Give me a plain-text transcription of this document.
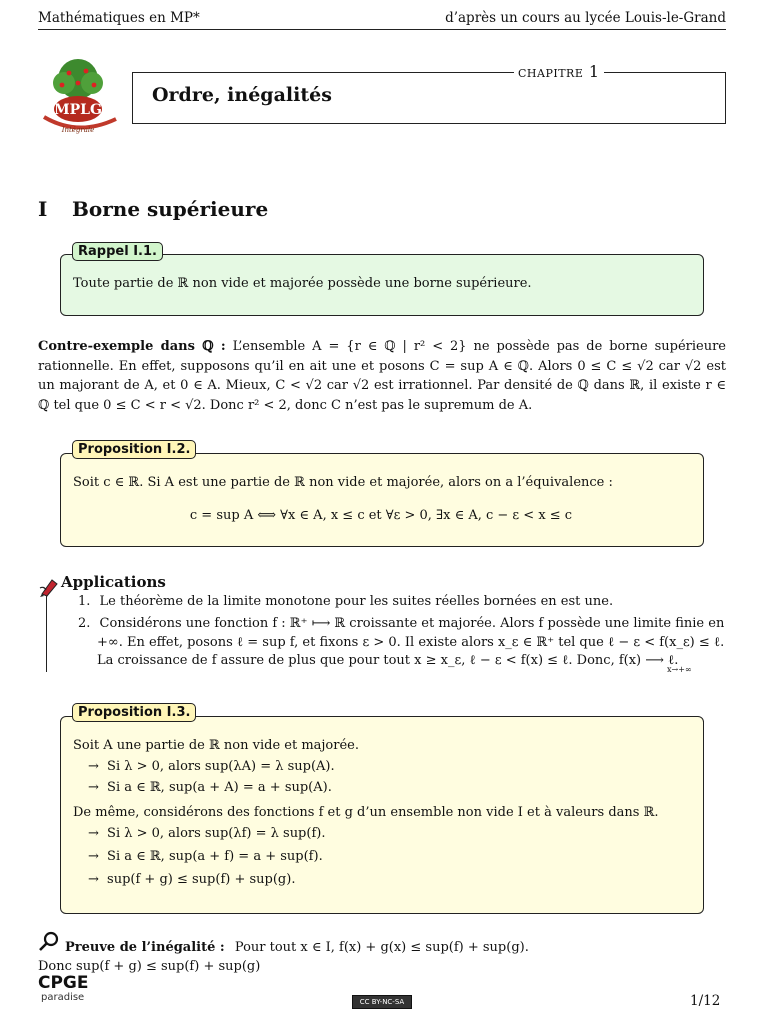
Mathématiques en MP*	d’après un cours au lycée Louis-le-Grand
MPLG
Intégrale
chapitre 1
Ordre, inégalités
I Borne supérieure
Rappel I.1.
Toute partie de ℝ non vide et majorée possède une borne supérieure.
Contre-exemple dans ℚ : L’ensemble A = {r ∈ ℚ | r² < 2} ne possède pas de borne supérieure rationnelle. En effet, supposons qu’il en ait une et posons C = sup A ∈ ℚ. Alors 0 ≤ C ≤ √2 car √2 est un majorant de A, et 0 ∈ A. Mieux, C < √2 car √2 est irrationnel. Par densité de ℚ dans ℝ, il existe r ∈ ℚ tel que 0 ≤ C < r < √2. Donc r² < 2, donc C n’est pas le supremum de A.
Proposition I.2.
Soit c ∈ ℝ. Si A est une partie de ℝ non vide et majorée, alors on a l’équivalence :
c = sup A ⟺ ∀x ∈ A, x ≤ c et ∀ε > 0, ∃x ∈ A, c − ε < x ≤ c
Applications
1. Le théorème de la limite monotone pour les suites réelles bornées en est une.
2. Considérons une fonction f : ℝ⁺ ⟼ ℝ croissante et majorée. Alors f possède une limite finie en
+∞. En effet, posons ℓ = sup f, et fixons ε > 0. Il existe alors x_ε ∈ ℝ⁺ tel que ℓ − ε < f(x_ε) ≤ ℓ.
La croissance de f assure de plus que pour tout x ≥ x_ε, ℓ − ε < f(x) ≤ ℓ. Donc, f(x) ⟶ ℓ.
x→+∞
Proposition I.3.
Soit A une partie de ℝ non vide et majorée.
→ Si λ > 0, alors sup(λA) = λ sup(A).
→ Si a ∈ ℝ, sup(a + A) = a + sup(A).
De même, considérons des fonctions f et g d’un ensemble non vide I et à valeurs dans ℝ.
→ Si λ > 0, alors sup(λf) = λ sup(f).
→ Si a ∈ ℝ, sup(a + f) = a + sup(f).
→ sup(f + g) ≤ sup(f) + sup(g).
Preuve de l’inégalité : Pour tout x ∈ I, f(x) + g(x) ≤ sup(f) + sup(g).
Donc sup(f + g) ≤ sup(f) + sup(g)
CPGE
paradise	CC BY-NC-SA	1/12
